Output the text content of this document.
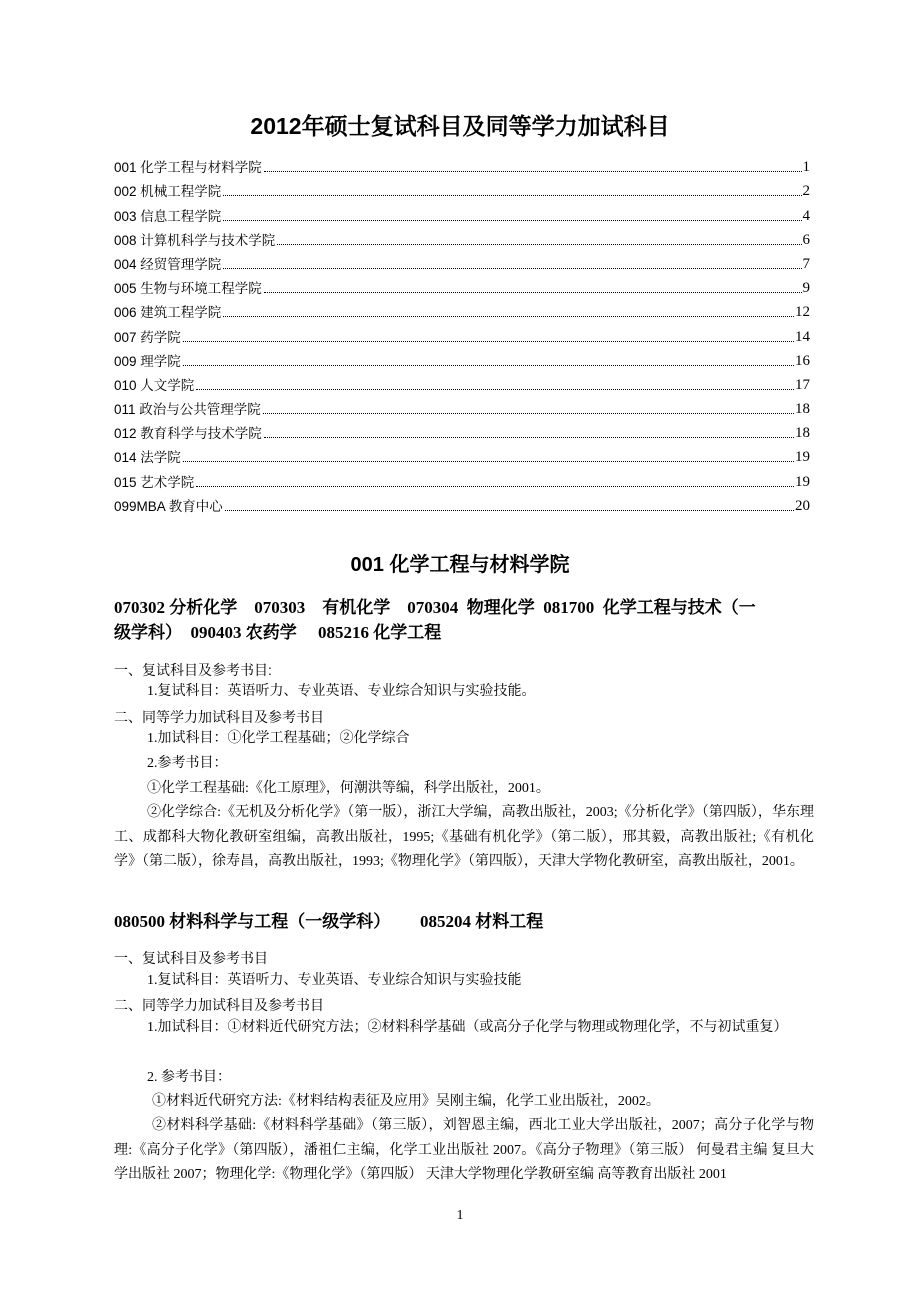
2012年硕士复试科目及同等学力加试科目
001 化学工程与材料学院	1
002 机械工程学院	2
003 信息工程学院	4
008 计算机科学与技术学院	6
004 经贸管理学院	7
005 生物与环境工程学院	9
006 建筑工程学院	12
007 药学院	14
009 理学院	16
010 人文学院	17
011 政治与公共管理学院	18
012 教育科学与技术学院	18
014 法学院	19
015 艺术学院	19
099MBA 教育中心	20
001 化学工程与材料学院
070302 分析化学    070303    有机化学    070304  物理化学  081700  化学工程与技术（一
级学科）  090403 农药学     085216 化学工程
一、复试科目及参考书目:
1.复试科目：英语听力、专业英语、专业综合知识与实验技能。
二、同等学力加试科目及参考书目
1.加试科目：①化学工程基础；②化学综合
2.参考书目：
①化学工程基础:《化工原理》，何潮洪等编，科学出版社，2001。
②化学综合:《无机及分析化学》（第一版），浙江大学编，高教出版社，2003;《分析化学》（第四版），华东理工、成都科大物化教研室组编，高教出版社，1995;《基础有机化学》（第二版），邢其毅，高教出版社;《有机化学》（第二版），徐寿昌，高教出版社，1993;《物理化学》（第四版），天津大学物化教研室，高教出版社，2001。
080500 材料科学与工程（一级学科）       085204 材料工程
一、复试科目及参考书目
1.复试科目：英语听力、专业英语、专业综合知识与实验技能
二、同等学力加试科目及参考书目
1.加试科目：①材料近代研究方法；②材料科学基础（或高分子化学与物理或物理化学，不与初试重复）
2. 参考书目：
①材料近代研究方法:《材料结构表征及应用》吴刚主编，化学工业出版社，2002。
②材料科学基础:《材料科学基础》（第三版），刘智恩主编，西北工业大学出版社，2007；高分子化学与物理:《高分子化学》（第四版），潘祖仁主编，化学工业出版社 2007。《高分子物理》（第三版） 何曼君主编 复旦大学出版社 2007；物理化学:《物理化学》（第四版） 天津大学物理化学教研室编 高等教育出版社 2001
1
